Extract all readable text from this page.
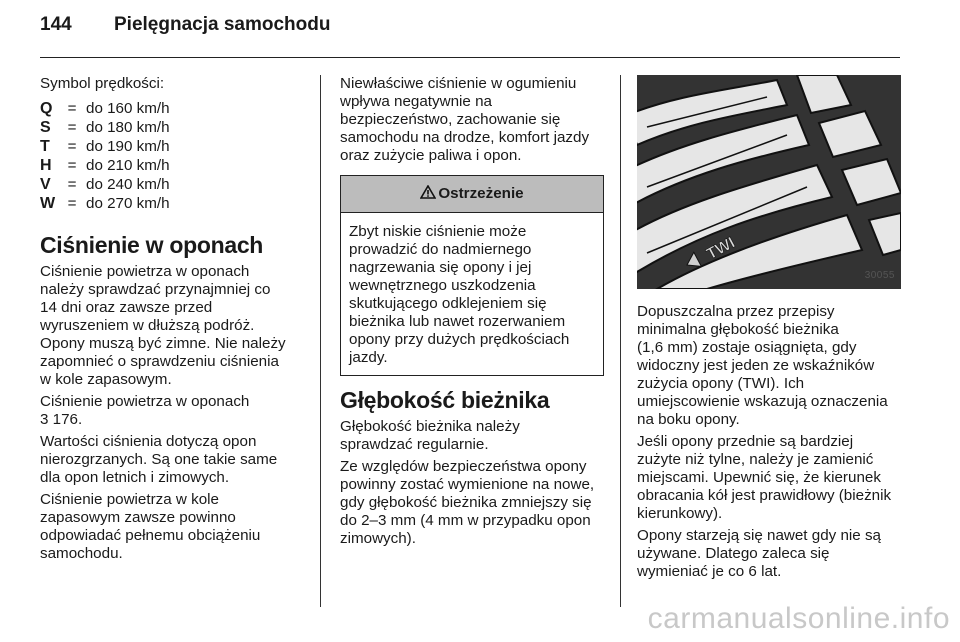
144	Pielęgnacja samochodu

Symbol prędkości:

Q = do 160 km/h
S	= do 180 km/h
T	= do 190 km/h
H	= do 210 km/h
V	= do 240 km/h
W = do 270 km/h
Ciśnienie w oponach

Ciśnienie powietrza w oponach
należy sprawdzać przynajmniej co
14 dni oraz zawsze przed
wyruszeniem w dłuższą podróż.
Opony muszą być zimne. Nie należy
zapomnieć o sprawdzeniu ciśnienia
w kole zapasowym.

Ciśnienie powietrza w oponach
3 176.

Wartości ciśnienia dotyczą opon
nierozgrzanych. Są one takie same
dla opon letnich i zimowych.

Ciśnienie powietrza w kole
zapasowym zawsze powinno
odpowiadać pełnemu obciążeniu
samochodu.

Niewłaściwe ciśnienie w ogumieniu
wpływa negatywnie na
bezpieczeństwo, zachowanie się
samochodu na drodze, komfort jazdy
oraz zużycie paliwa i opon.

Ostrzeżenie
Zbyt niskie ciśnienie może
prowadzić do nadmiernego
nagrzewania się opony i jej
wewnętrznego uszkodzenia
skutkującego odklejeniem się
bieżnika lub nawet rozerwaniem
opony przy dużych prędkościach
jazdy.
Głębokość bieżnika

Głębokość bieżnika należy
sprawdzać regularnie.

Ze względów bezpieczeństwa opony
powinny zostać wymienione na nowe,
gdy głębokość bieżnika zmniejszy się
do 2–3 mm (4 mm w przypadku opon
zimowych).

TWI
30055

Dopuszczalna przez przepisy
minimalna głębokość bieżnika
(1,6 mm) zostaje osiągnięta, gdy
widoczny jest jeden ze wskaźników
zużycia opony (TWI). Ich
umiejscowienie wskazują oznaczenia
na boku opony.

Jeśli opony przednie są bardziej
zużyte niż tylne, należy je zamienić
miejscami. Upewnić się, że kierunek
obracania kół jest prawidłowy (bieżnik
kierunkowy).

Opony starzeją się nawet gdy nie są
używane. Dlatego zaleca się
wymieniać je co 6 lat.

carmanualsonline.info
